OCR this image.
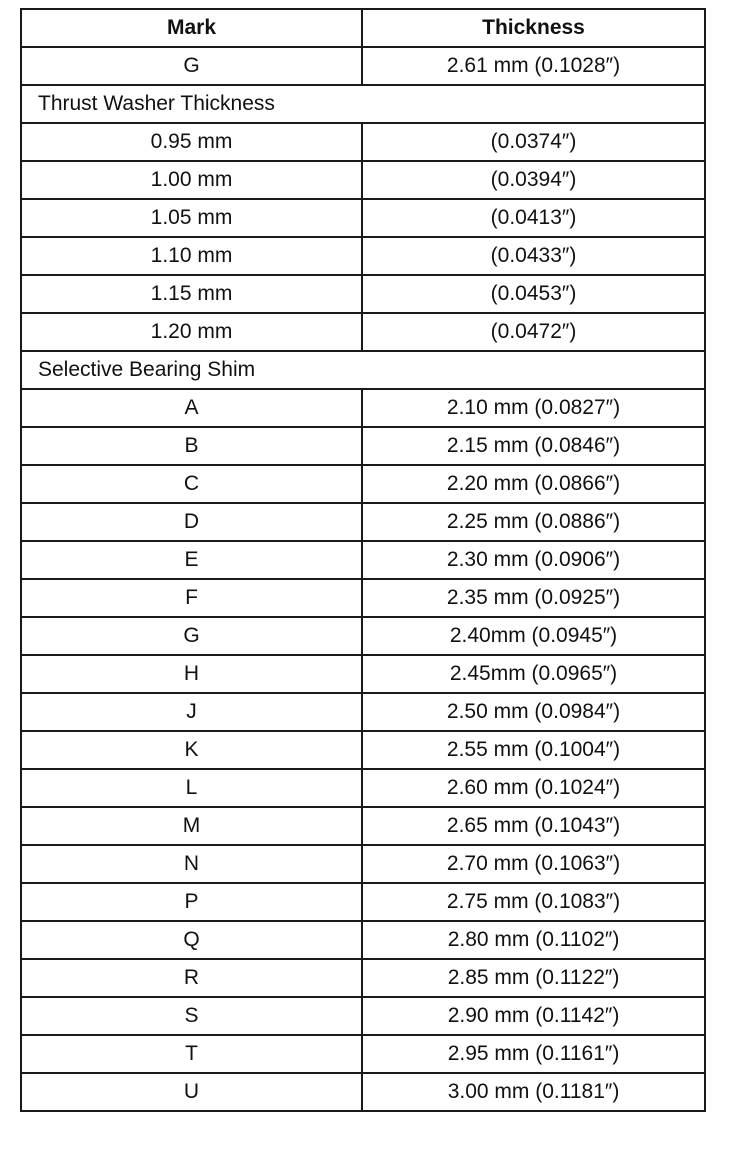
Mark	Thickness
G	2.61 mm (0.1028″)
Thrust Washer Thickness	
0.95 mm	(0.0374″)
1.00 mm	(0.0394″)
1.05 mm	(0.0413″)
1.10 mm	(0.0433″)
1.15 mm	(0.0453″)
1.20 mm	(0.0472″)
Selective Bearing Shim	
A	2.10 mm (0.0827″)
B	2.15 mm (0.0846″)
C	2.20 mm (0.0866″)
D	2.25 mm (0.0886″)
E	2.30 mm (0.0906″)
F	2.35 mm (0.0925″)
G	2.40mm (0.0945″)
H	2.45mm (0.0965″)
J	2.50 mm (0.0984″)
K	2.55 mm (0.1004″)
L	2.60 mm (0.1024″)
M	2.65 mm (0.1043″)
N	2.70 mm (0.1063″)
P	2.75 mm (0.1083″)
Q	2.80 mm (0.1102″)
R	2.85 mm (0.1122″)
S	2.90 mm (0.1142″)
T	2.95 mm (0.1161″)
U	3.00 mm (0.1181″)
